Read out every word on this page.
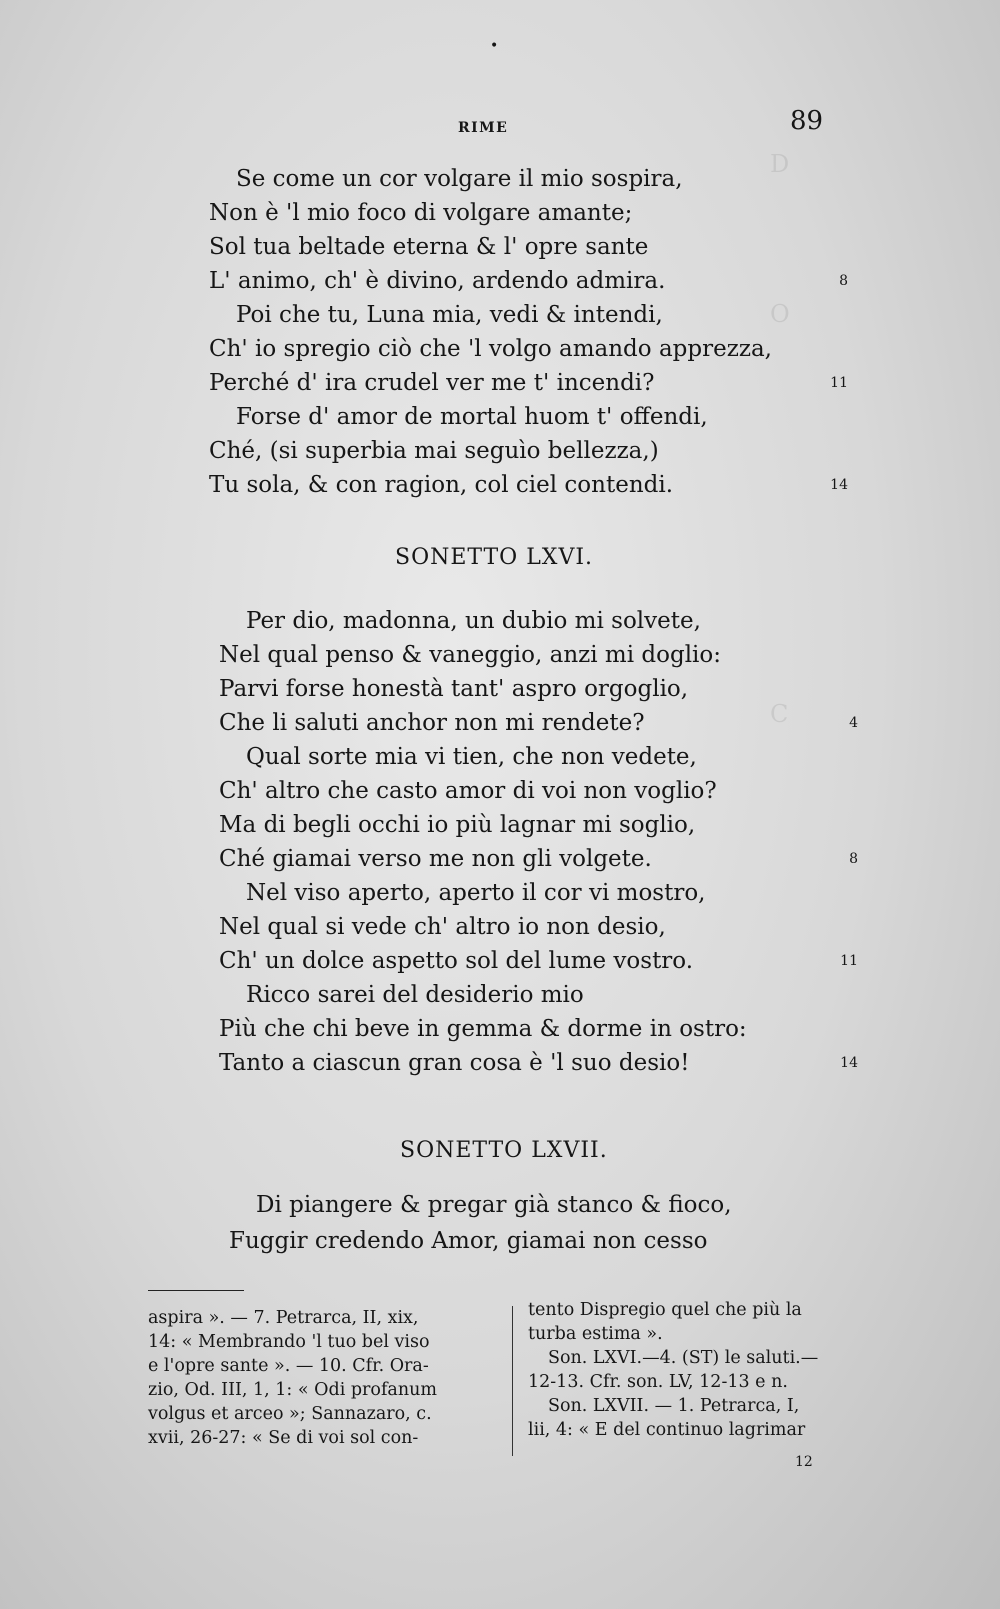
•
RIME	89
D
O
C
Se come un cor volgare il mio sospira,
Non è 'l mio foco di volgare amante;
Sol tua beltade eterna & l' opre sante
L' animo, ch' è divino, ardendo admira.
Poi che tu, Luna mia, vedi & intendi,
Ch' io spregio ciò che 'l volgo amando apprezza,
Perché d' ira crudel ver me t' incendi?
Forse d' amor de mortal huom t' offendi,
Ché, (si superbia mai seguìo bellezza,)
Tu sola, & con ragion, col ciel contendi.
8
11
14
SONETTO LXVI.
Per dio, madonna, un dubio mi solvete,
Nel qual penso & vaneggio, anzi mi doglio:
Parvi forse honestà tant' aspro orgoglio,
Che li saluti anchor non mi rendete?
Qual sorte mia vi tien, che non vedete,
Ch' altro che casto amor di voi non voglio?
Ma di begli occhi io più lagnar mi soglio,
Ché giamai verso me non gli volgete.
Nel viso aperto, aperto il cor vi mostro,
Nel qual si vede ch' altro io non desio,
Ch' un dolce aspetto sol del lume vostro.
Ricco sarei del desiderio mio
Più che chi beve in gemma & dorme in ostro:
Tanto a ciascun gran cosa è 'l suo desio!
4
8
11
14
SONETTO LXVII.
Di piangere & pregar già stanco & fioco,
Fuggir credendo Amor, giamai non cesso
aspira ». — 7. Petrarca, II, xix,
14: « Membrando 'l tuo bel viso
e l'opre sante ». — 10. Cfr. Ora-
zio, Od. III, 1, 1: « Odi profanum
volgus et arceo »; Sannazaro, c.
xvii, 26-27: « Se di voi sol con-
tento Dispregio quel che più la
turba estima ».
Son. LXVI.—4. (ST) le saluti.—
12-13. Cfr. son. LV, 12-13 e n.
Son. LXVII. — 1. Petrarca, I,
lii, 4: « E del continuo lagrimar
12
